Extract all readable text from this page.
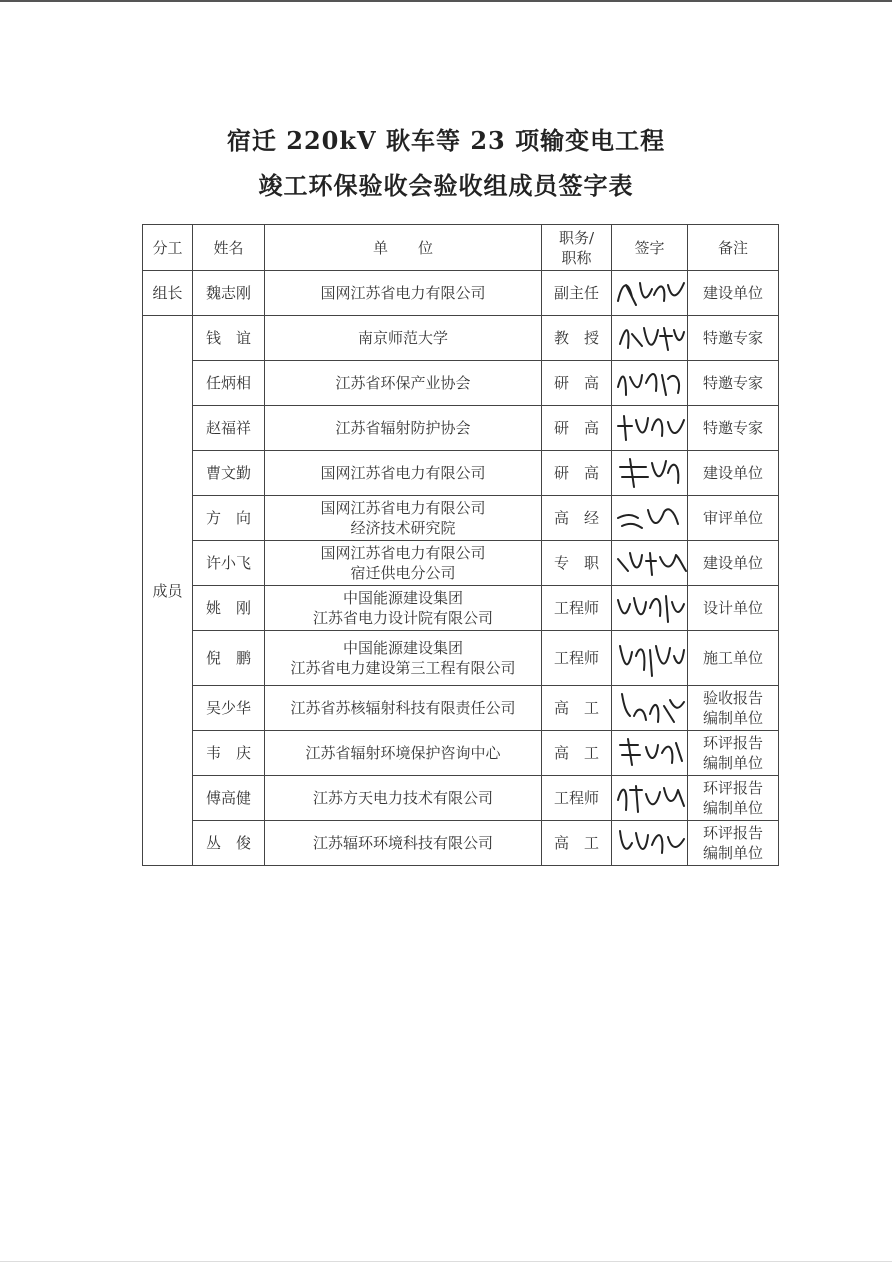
宿迁 220kV 耿车等 23 项输变电工程
竣工环保验收会验收组成员签字表
分工	姓名	单　　位	职务/
职称	签字	备注
组长	魏志刚	国网江苏省电力有限公司	副主任		建设单位
成员	钱　谊	南京师范大学	教　授		特邀专家
	任炳相	江苏省环保产业协会	研　高		特邀专家
	赵福祥	江苏省辐射防护协会	研　高		特邀专家
	曹文勤	国网江苏省电力有限公司	研　高		建设单位
	方　向	国网江苏省电力有限公司
经济技术研究院	高　经		审评单位
	许小飞	国网江苏省电力有限公司
宿迁供电分公司	专　职		建设单位
	姚　刚	中国能源建设集团
江苏省电力设计院有限公司	工程师		设计单位
	倪　鹏	中国能源建设集团
江苏省电力建设第三工程有限公司	工程师		施工单位
	吴少华	江苏省苏核辐射科技有限责任公司	高　工		验收报告
编制单位
	韦　庆	江苏省辐射环境保护咨询中心	高　工		环评报告
编制单位
	傅高健	江苏方天电力技术有限公司	工程师		环评报告
编制单位
	丛　俊	江苏辐环环境科技有限公司	高　工		环评报告
编制单位
